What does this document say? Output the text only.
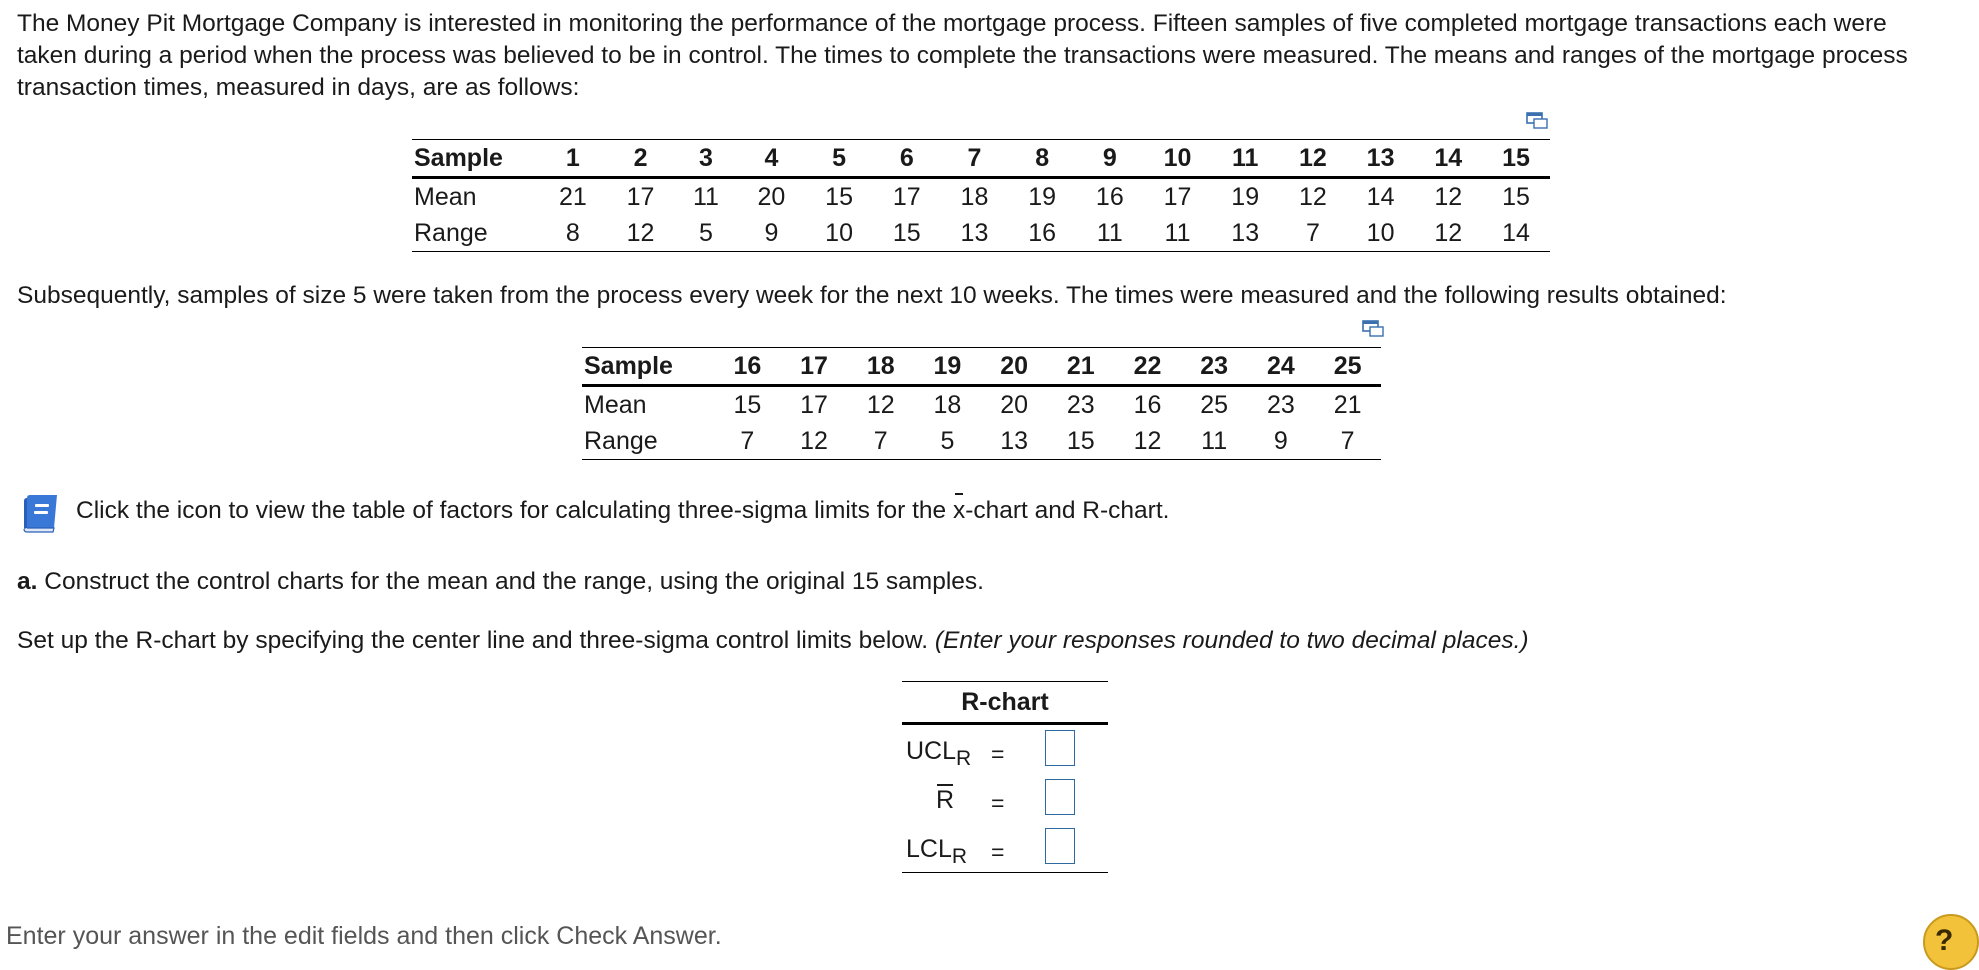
The Money Pit Mortgage Company is interested in monitoring the performance of the mortgage process. Fifteen samples of five completed mortgage transactions each were taken during a period when the process was believed to be in control. The times to complete the transactions were measured. The means and ranges of the mortgage process transaction times, measured in days, are as follows:

Sample	1	2	3	4	5	6	7	8	9	10	11	12	13	14	15
Mean	21	17	11	20	15	17	18	19	16	17	19	12	14	12	15
Range	8	12	5	9	10	15	13	16	11	11	13	7	10	12	14

Subsequently, samples of size 5 were taken from the process every week for the next 10 weeks. The times were measured and the following results obtained:

Sample	16	17	18	19	20	21	22	23	24	25
Mean	15	17	12	18	20	23	16	25	23	21
Range	7	12	7	5	13	15	12	11	9	7

Click the icon to view the table of factors for calculating three-sigma limits for the x-chart and R-chart.

a. Construct the control charts for the mean and the range, using the original 15 samples.

Set up the R-chart by specifying the center line and three-sigma control limits below. (Enter your responses rounded to two decimal places.)

R-chart
$UCL_R$ =
R =
$LCL_R$ =

Enter your answer in the edit fields and then click Check Answer.	?
